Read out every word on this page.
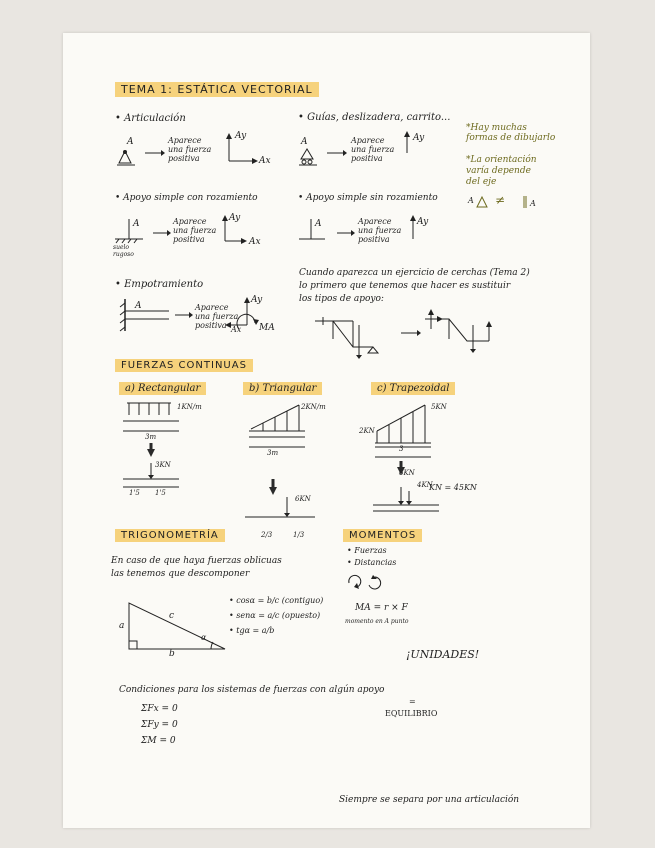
TEMA 1: ESTÁTICA VECTORIAL
• Articulación
A	Aparece
una fuerza
positiva
Ay
Ax
• Guías, deslizadera, carrito...
A	Aparece
una fuerza
positiva
Ay
*Hay muchas
formas de dibujarlo
*La orientación
varía depende
del eje
A	A
≠
• Apoyo simple con rozamiento
A
suelo
rugoso
Aparece
una fuerza
positiva
Ay
Ax
• Apoyo simple sin rozamiento
A	Aparece
una fuerza
positiva
Ay
• Empotramiento
A	Aparece
una fuerza
positiva
Ay
Ax MA
Cuando aparezca un ejercicio de cerchas (Tema 2)
lo primero que tenemos que hacer es sustituir
los tipos de apoyo:
FUERZAS CONTINUAS
a) Rectangular
1KN/m
3m
3KN
1'5 1'5
b) Triangular
2KN/m
3m
6KN
2/3	1/3
c) Trapezoidal
5KN
2KN
3
6KN
4KN
KN = 45KN
TRIGONOMETRÍA
En caso de que haya fuerzas oblicuas
las tenemos que descomponer
a
b
c
α
• cosα = b/c (contiguo)
• senα = a/c (opuesto)
• tgα = a/b
MOMENTOS
• Fuerzas
• Distancias
MA = r × F
momento en A punto
¡UNIDADES!
Condiciones para los sistemas de fuerzas con algún apoyo
=
EQUILIBRIO
ΣFx = 0
ΣFy = 0
ΣM = 0
Siempre se separa por una articulación
